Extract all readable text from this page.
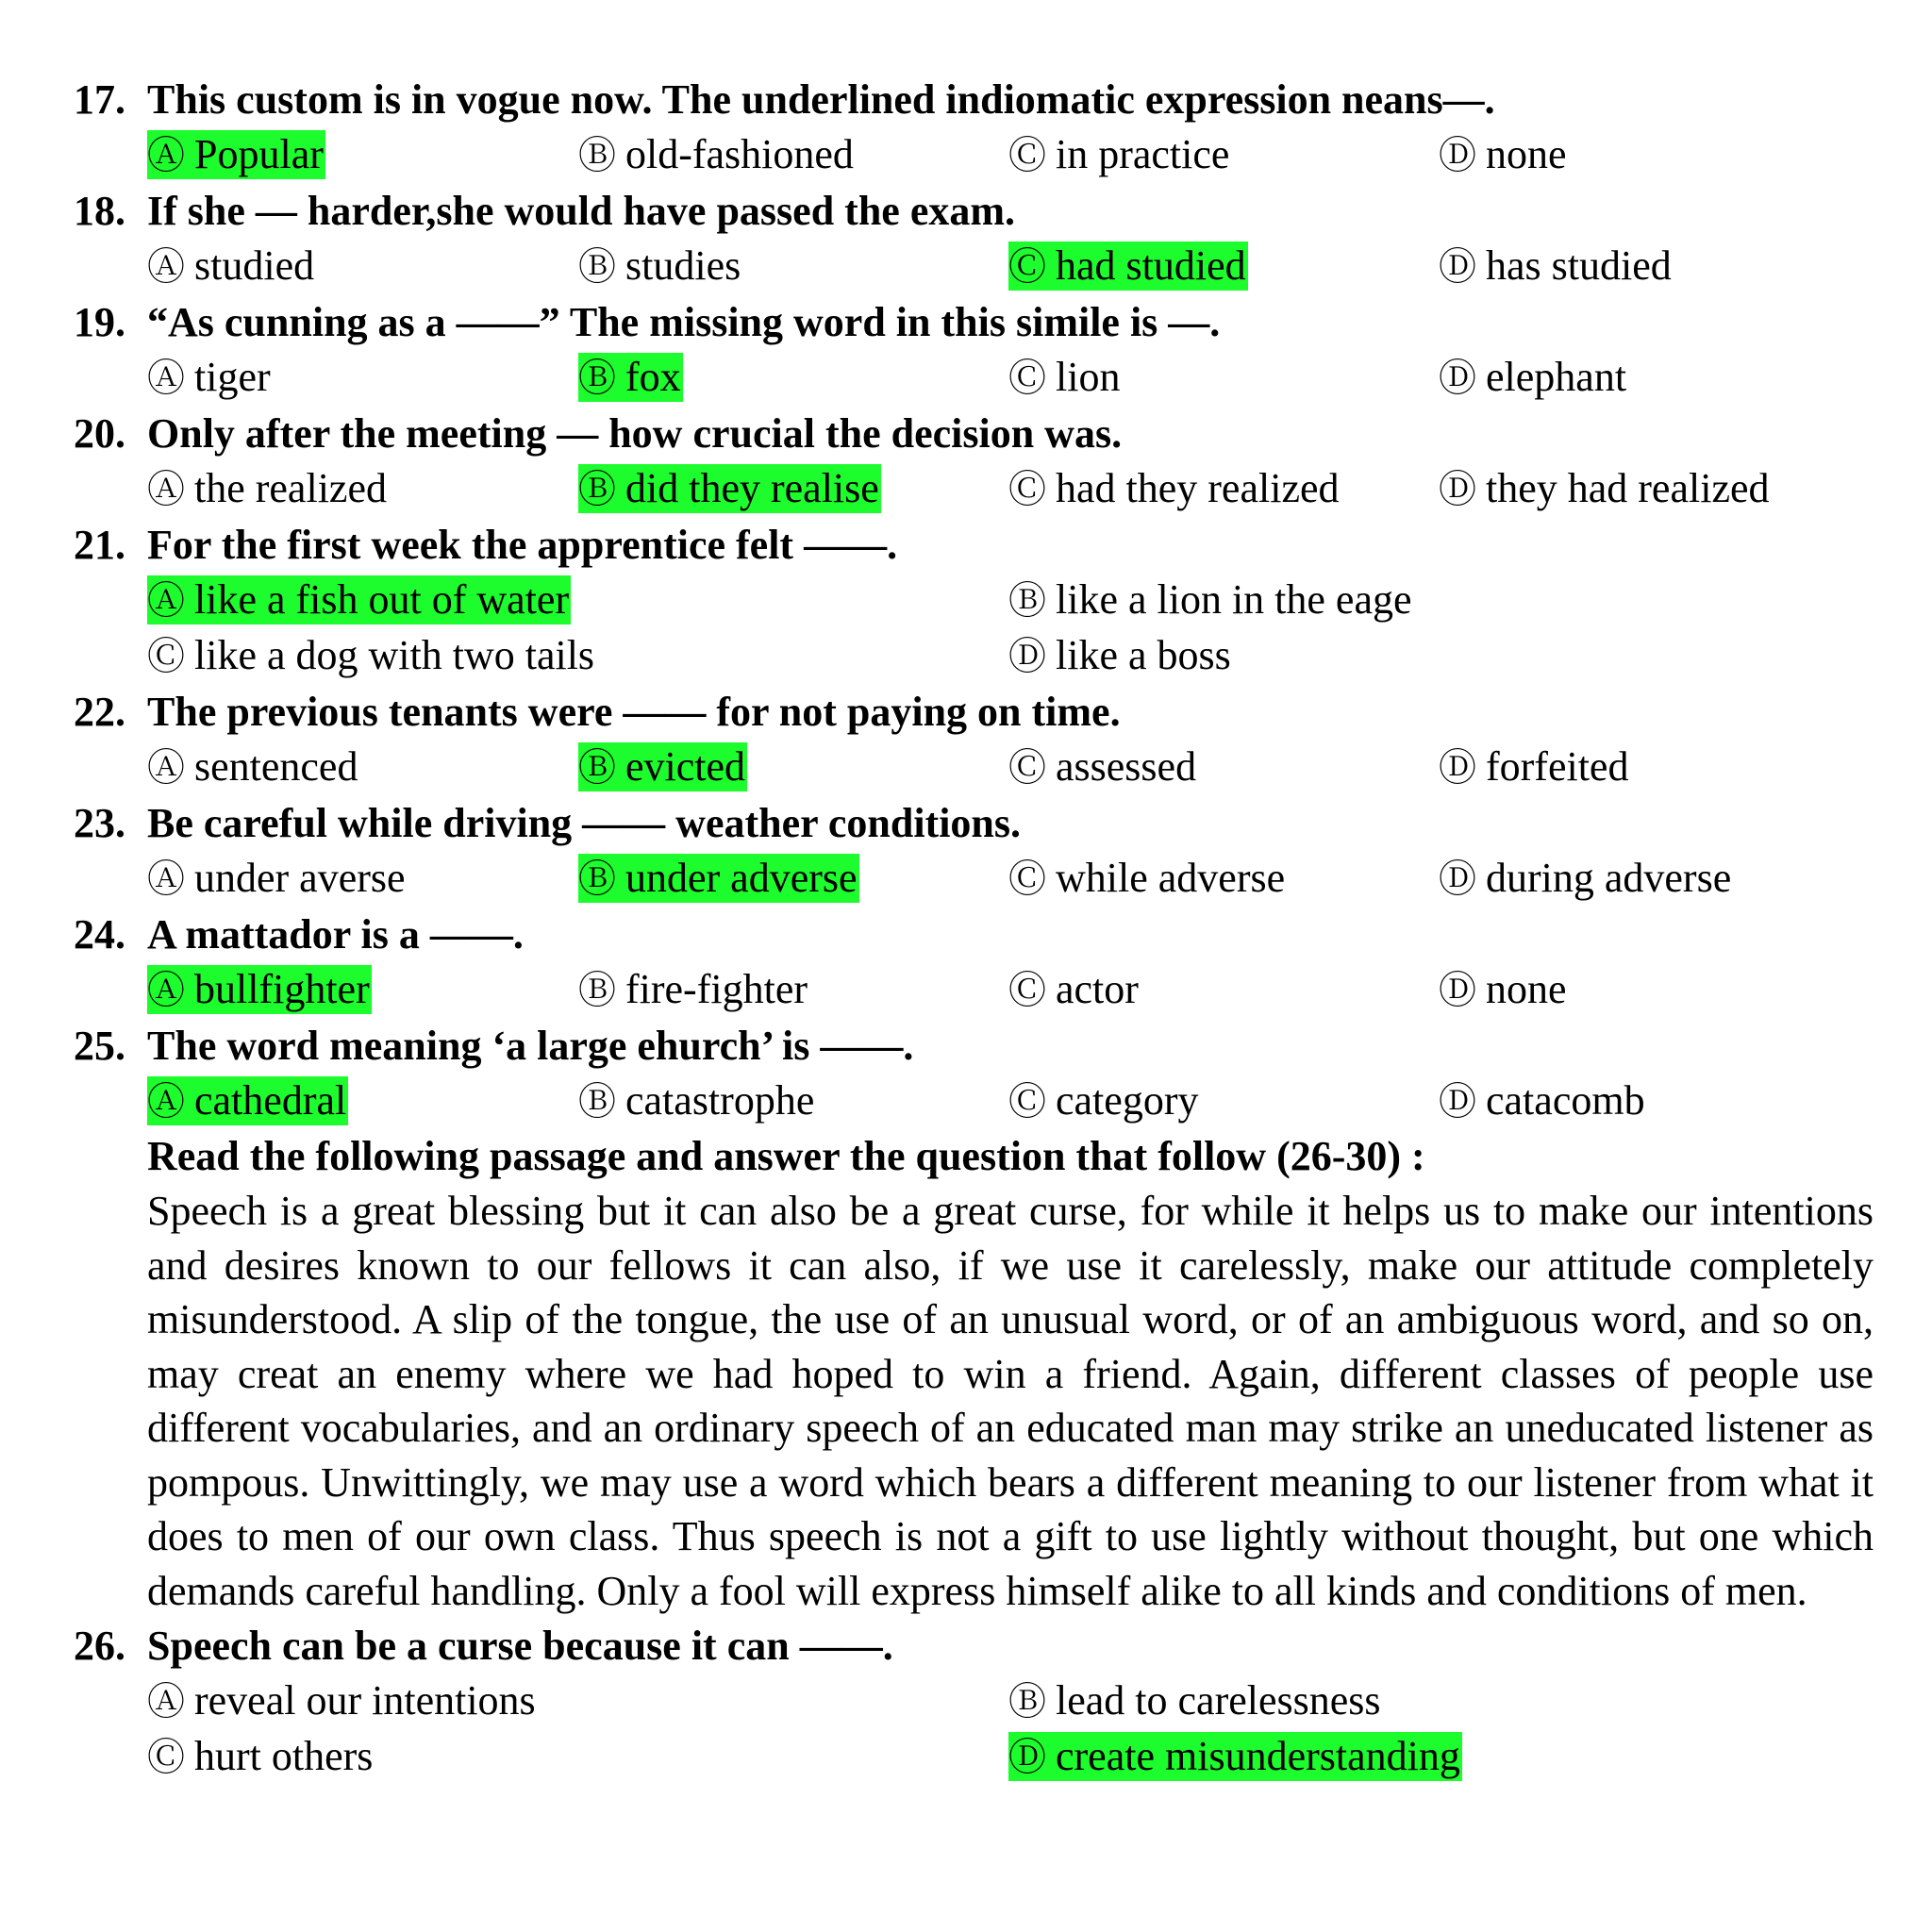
17. This custom is in vogue now. The underlined indiomatic expression neans—.
Ⓐ Popular	Ⓑ old-fashioned	Ⓒ in practice	Ⓓ none
18. If she — harder,she would have passed the exam.
Ⓐ studied	Ⓑ studies	Ⓒ had studied	Ⓓ has studied
19. “As cunning as a ——” The missing word in this simile is —.
Ⓐ tiger	Ⓑ fox	Ⓒ lion	Ⓓ elephant
20. Only after the meeting — how crucial the decision was.
Ⓐ the realized	Ⓑ did they realise	Ⓒ had they realized	Ⓓ they had realized
21. For the first week the apprentice felt ——.
Ⓐ like a fish out of water	Ⓑ like a lion in the eage
Ⓒ like a dog with two tails	Ⓓ like a boss
22. The previous tenants were —— for not paying on time.
Ⓐ sentenced	Ⓑ evicted	Ⓒ assessed	Ⓓ forfeited
23. Be careful while driving —— weather conditions.
Ⓐ under averse	Ⓑ under adverse	Ⓒ while adverse	Ⓓ during adverse
24. A mattador is a ——.
Ⓐ bullfighter	Ⓑ fire-fighter	Ⓒ actor	Ⓓ none
25. The word meaning ‘a large ehurch’ is ——.
Ⓐ cathedral	Ⓑ catastrophe	Ⓒ category	Ⓓ catacomb
Read the following passage and answer the question that follow (26-30) :
Speech is a great blessing but it can also be a great curse, for while it helps us to make our intentions and desires known to our fellows it can also, if we use it carelessly, make our attitude completely misunderstood. A slip of the tongue, the use of an unusual word, or of an ambiguous word, and so on, may creat an enemy where we had hoped to win a friend. Again, different classes of people use different vocabularies, and an ordinary speech of an educated man may strike an uneducated listener as pompous. Unwittingly, we may use a word which bears a different meaning to our listener from what it does to men of our own class. Thus speech is not a gift to use lightly without thought, but one which demands careful handling. Only a fool will express himself alike to all kinds and conditions of men.
26. Speech can be a curse because it can ——.
Ⓐ reveal our intentions	Ⓑ lead to carelessness
Ⓒ hurt others	Ⓓ create misunderstanding
